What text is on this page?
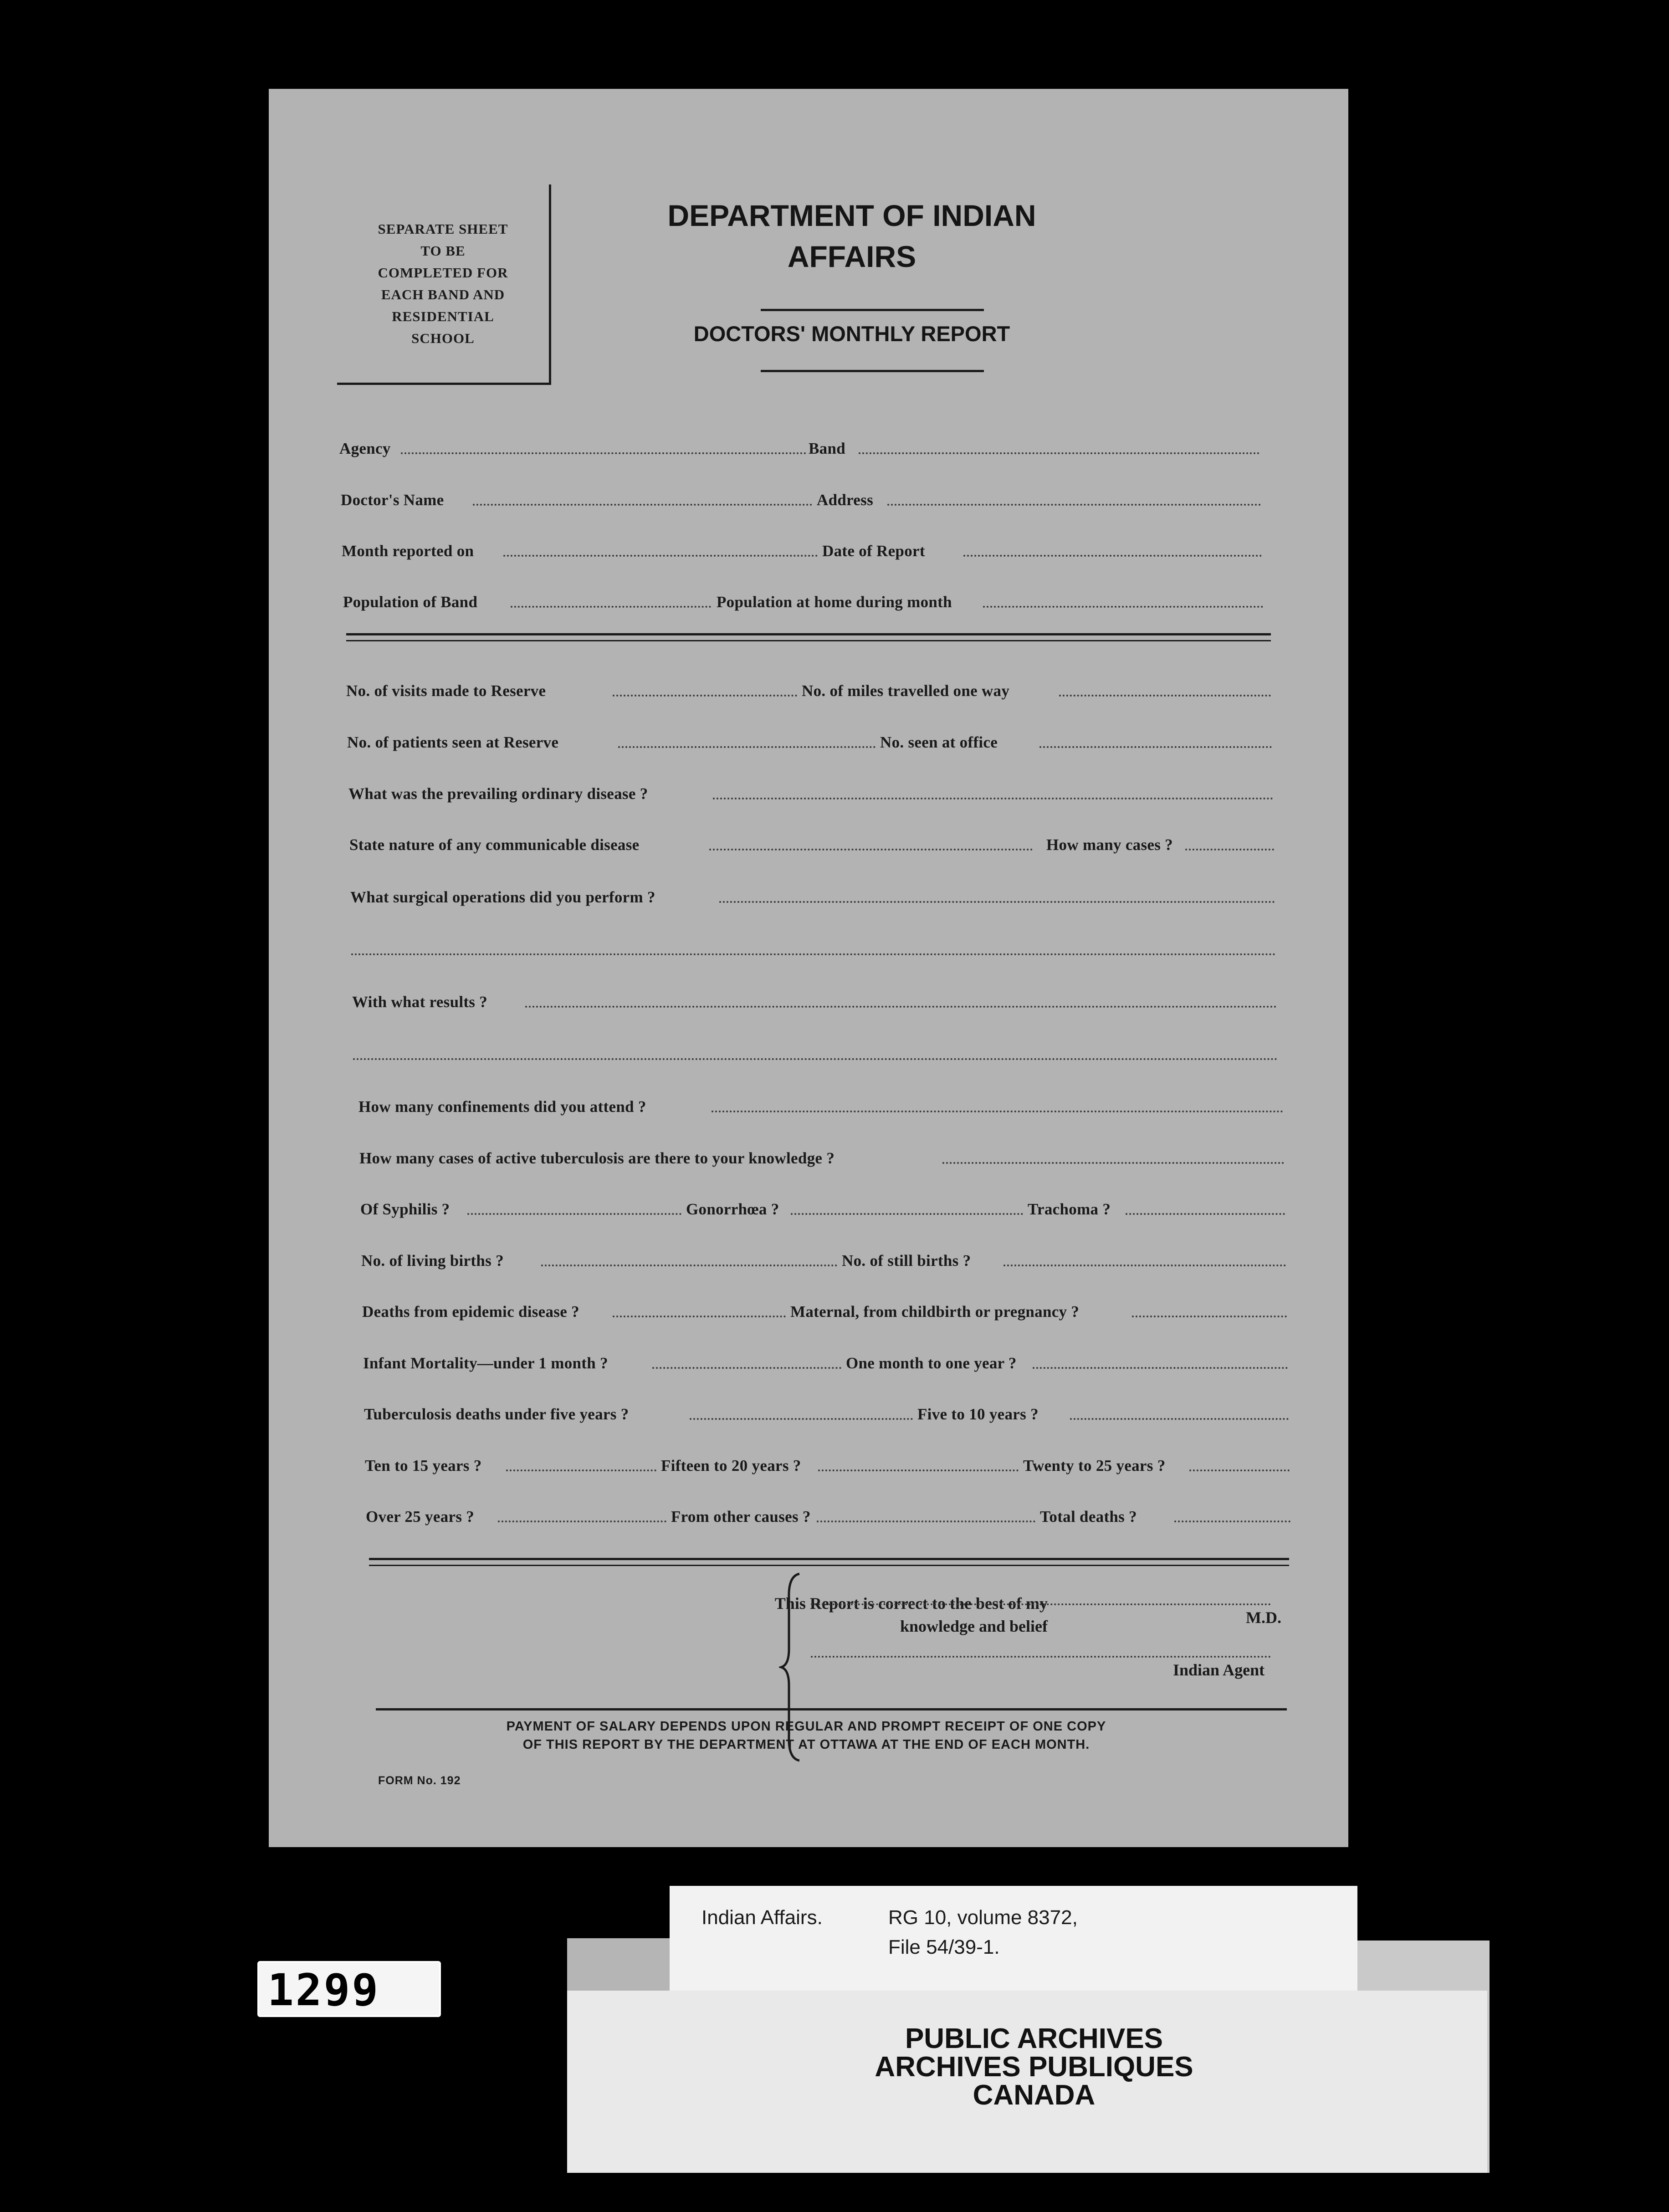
SEPARATE SHEET
TO BE
COMPLETED FOR
EACH BAND AND
RESIDENTIAL
SCHOOL
DEPARTMENT OF INDIAN
AFFAIRS
DOCTORS' MONTHLY REPORT
Agency	Band
Doctor's Name	Address
Month reported on	Date of Report
Population of Band	Population at home during month
No. of visits made to Reserve	No. of miles travelled one way
No. of patients seen at Reserve	No. seen at office
What was the prevailing ordinary disease ?
State nature of any communicable disease	How many cases ?
What surgical operations did you perform ?
With what results ?
How many confinements did you attend ?
How many cases of active tuberculosis are there to your knowledge ?
Of Syphilis ?	Gonorrhœa ?	Trachoma ?
No. of living births ?	No. of still births ?
Deaths from epidemic disease ?	Maternal, from childbirth or pregnancy ?
Infant Mortality—under 1 month ?	One month to one year ?
Tuberculosis deaths under five years ?	Five to 10 years ?
Ten to 15 years ?	Fifteen to 20 years ?	Twenty to 25 years ?
Over 25 years ?	From other causes ?	Total deaths ?
This Report is correct to the best of my
knowledge and belief	M.D.
Indian Agent
PAYMENT OF SALARY DEPENDS UPON REGULAR AND PROMPT RECEIPT OF ONE COPY
OF THIS REPORT BY THE DEPARTMENT AT OTTAWA AT THE END OF EACH MONTH.
FORM No. 192
1299
Indian Affairs.	RG 10, volume 8372,
File 54/39-1.
PUBLIC ARCHIVES
ARCHIVES PUBLIQUES
CANADA
